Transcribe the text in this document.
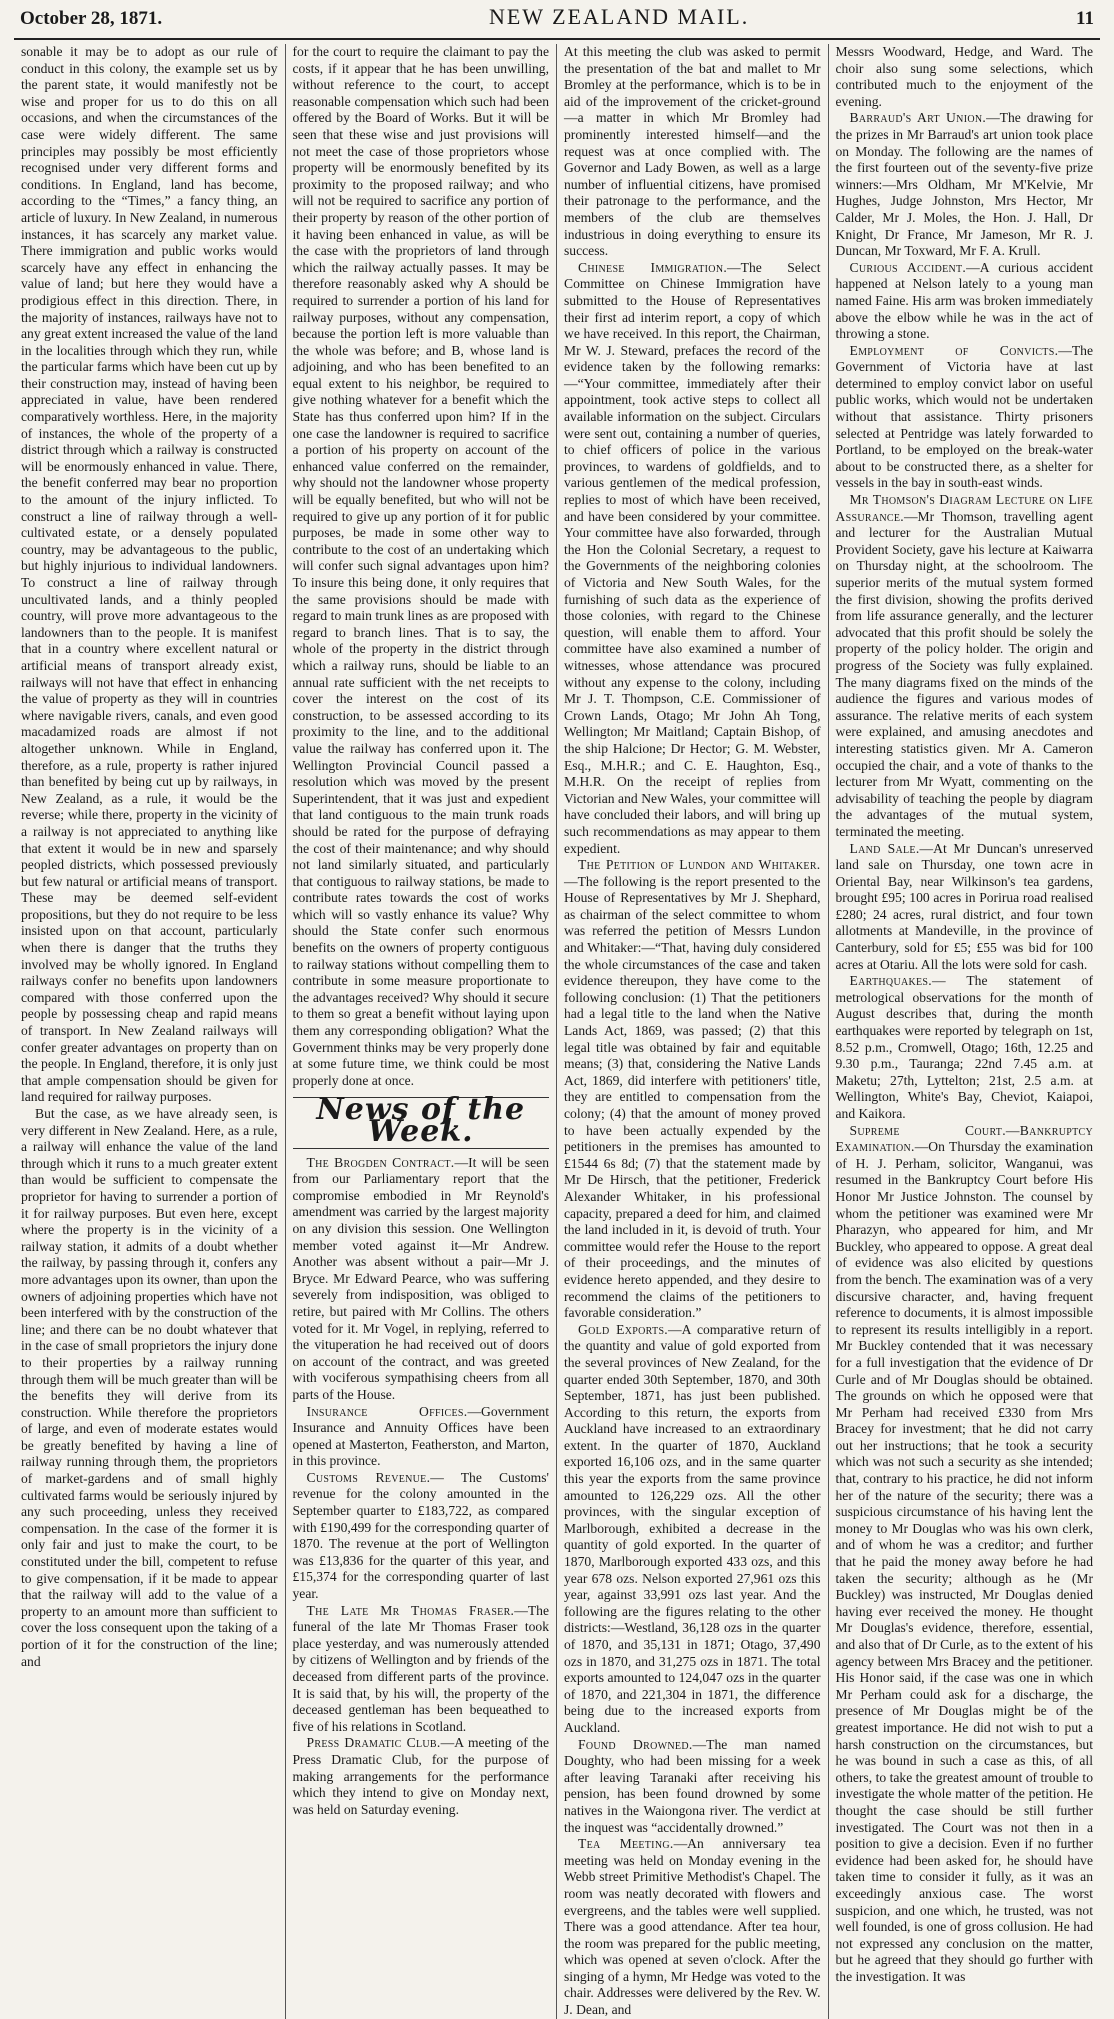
October 28, 1871.	NEW ZEALAND MAIL.	11

sonable it may be to adopt as our rule of conduct in this colony, the example set us by the parent state, it would manifestly not be wise and proper for us to do this on all occasions, and when the circumstances of the case were widely different. The same principles may possibly be most efficiently recognised under very different forms and conditions. In England, land has become, according to the “Times,” a fancy thing, an article of luxury. In New Zealand, in numerous instances, it has scarcely any market value. There immigration and public works would scarcely have any effect in enhancing the value of land; but here they would have a prodigious effect in this direction. There, in the majority of instances, railways have not to any great extent increased the value of the land in the localities through which they run, while the particular farms which have been cut up by their construction may, instead of having been appreciated in value, have been rendered comparatively worthless. Here, in the majority of instances, the whole of the property of a district through which a railway is constructed will be enormously enhanced in value. There, the benefit conferred may bear no proportion to the amount of the injury inflicted. To construct a line of railway through a well-cultivated estate, or a densely populated country, may be advantageous to the public, but highly injurious to individual landowners. To construct a line of railway through uncultivated lands, and a thinly peopled country, will prove more advantageous to the landowners than to the people. It is manifest that in a country where excellent natural or artificial means of transport already exist, railways will not have that effect in enhancing the value of property as they will in countries where navigable rivers, canals, and even good macadamized roads are almost if not altogether unknown. While in England, therefore, as a rule, property is rather injured than benefited by being cut up by railways, in New Zealand, as a rule, it would be the reverse; while there, property in the vicinity of a railway is not appreciated to anything like that extent it would be in new and sparsely peopled districts, which possessed previously but few natural or artificial means of transport. These may be deemed self-evident propositions, but they do not require to be less insisted upon on that account, particularly when there is danger that the truths they involved may be wholly ignored. In England railways confer no benefits upon landowners compared with those conferred upon the people by possessing cheap and rapid means of transport. In New Zealand railways will confer greater advantages on property than on the people. In England, therefore, it is only just that ample compensation should be given for land required for railway purposes.

But the case, as we have already seen, is very different in New Zealand. Here, as a rule, a railway will enhance the value of the land through which it runs to a much greater extent than would be sufficient to compensate the proprietor for having to surrender a portion of it for railway purposes. But even here, except where the property is in the vicinity of a railway station, it admits of a doubt whether the railway, by passing through it, confers any more advantages upon its owner, than upon the owners of adjoining properties which have not been interfered with by the construction of the line; and there can be no doubt whatever that in the case of small proprietors the injury done to their properties by a railway running through them will be much greater than will be the benefits they will derive from its construction. While therefore the proprietors of large, and even of moderate estates would be greatly benefited by having a line of railway running through them, the proprietors of market-gardens and of small highly cultivated farms would be seriously injured by any such proceeding, unless they received compensation. In the case of the former it is only fair and just to make the court, to be constituted under the bill, competent to refuse to give compensation, if it be made to appear that the railway will add to the value of a property to an amount more than sufficient to cover the loss consequent upon the taking of a portion of it for the construction of the line; and

for the court to require the claimant to pay the costs, if it appear that he has been unwilling, without reference to the court, to accept reasonable compensation which such had been offered by the Board of Works. But it will be seen that these wise and just provisions will not meet the case of those proprietors whose property will be enormously benefited by its proximity to the proposed railway; and who will not be required to sacrifice any portion of their property by reason of the other portion of it having been enhanced in value, as will be the case with the proprietors of land through which the railway actually passes. It may be therefore reasonably asked why A should be required to surrender a portion of his land for railway purposes, without any compensation, because the portion left is more valuable than the whole was before; and B, whose land is adjoining, and who has been benefited to an equal extent to his neighbor, be required to give nothing whatever for a benefit which the State has thus conferred upon him? If in the one case the landowner is required to sacrifice a portion of his property on account of the enhanced value conferred on the remainder, why should not the landowner whose property will be equally benefited, but who will not be required to give up any portion of it for public purposes, be made in some other way to contribute to the cost of an undertaking which will confer such signal advantages upon him? To insure this being done, it only requires that the same provisions should be made with regard to main trunk lines as are proposed with regard to branch lines. That is to say, the whole of the property in the district through which a railway runs, should be liable to an annual rate sufficient with the net receipts to cover the interest on the cost of its construction, to be assessed according to its proximity to the line, and to the additional value the railway has conferred upon it. The Wellington Provincial Council passed a resolution which was moved by the present Superintendent, that it was just and expedient that land contiguous to the main trunk roads should be rated for the purpose of defraying the cost of their maintenance; and why should not land similarly situated, and particularly that contiguous to railway stations, be made to contribute rates towards the cost of works which will so vastly enhance its value? Why should the State confer such enormous benefits on the owners of property contiguous to railway stations without compelling them to contribute in some measure proportionate to the advantages received? Why should it secure to them so great a benefit without laying upon them any corresponding obligation? What the Government thinks may be very properly done at some future time, we think could be most properly done at once.

News of the Week.

The Brogden Contract.—It will be seen from our Parliamentary report that the compromise embodied in Mr Reynold's amendment was carried by the largest majority on any division this session. One Wellington member voted against it—Mr Andrew. Another was absent without a pair—Mr J. Bryce. Mr Edward Pearce, who was suffering severely from indisposition, was obliged to retire, but paired with Mr Collins. The others voted for it. Mr Vogel, in replying, referred to the vituperation he had received out of doors on account of the contract, and was greeted with vociferous sympathising cheers from all parts of the House.

Insurance Offices.—Government Insurance and Annuity Offices have been opened at Masterton, Featherston, and Marton, in this province.

Customs Revenue.— The Customs' revenue for the colony amounted in the September quarter to £183,722, as compared with £190,499 for the corresponding quarter of 1870. The revenue at the port of Wellington was £13,836 for the quarter of this year, and £15,374 for the corresponding quarter of last year.

The Late Mr Thomas Fraser.—The funeral of the late Mr Thomas Fraser took place yesterday, and was numerously attended by citizens of Wellington and by friends of the deceased from different parts of the province. It is said that, by his will, the property of the deceased gentleman has been bequeathed to five of his relations in Scotland.

Press Dramatic Club.—A meeting of the Press Dramatic Club, for the purpose of making arrangements for the performance which they intend to give on Monday next, was held on Saturday evening.

At this meeting the club was asked to permit the presentation of the bat and mallet to Mr Bromley at the performance, which is to be in aid of the improvement of the cricket-ground—a matter in which Mr Bromley had prominently interested himself—and the request was at once complied with. The Governor and Lady Bowen, as well as a large number of influential citizens, have promised their patronage to the performance, and the members of the club are themselves industrious in doing everything to ensure its success.

Chinese Immigration.—The Select Committee on Chinese Immigration have submitted to the House of Representatives their first ad interim report, a copy of which we have received. In this report, the Chairman, Mr W. J. Steward, prefaces the record of the evidence taken by the following remarks:—“Your committee, immediately after their appointment, took active steps to collect all available information on the subject. Circulars were sent out, containing a number of queries, to chief officers of police in the various provinces, to wardens of goldfields, and to various gentlemen of the medical profession, replies to most of which have been received, and have been considered by your committee. Your committee have also forwarded, through the Hon the Colonial Secretary, a request to the Governments of the neighboring colonies of Victoria and New South Wales, for the furnishing of such data as the experience of those colonies, with regard to the Chinese question, will enable them to afford. Your committee have also examined a number of witnesses, whose attendance was procured without any expense to the colony, including Mr J. T. Thompson, C.E. Commissioner of Crown Lands, Otago; Mr John Ah Tong, Wellington; Mr Maitland; Captain Bishop, of the ship Halcione; Dr Hector; G. M. Webster, Esq., M.H.R.; and C. E. Haughton, Esq., M.H.R. On the receipt of replies from Victorian and New Wales, your committee will have concluded their labors, and will bring up such recommendations as may appear to them expedient.

The Petition of Lundon and Whitaker.—The following is the report presented to the House of Representatives by Mr J. Shephard, as chairman of the select committee to whom was referred the petition of Messrs Lundon and Whitaker:—“That, having duly considered the whole circumstances of the case and taken evidence thereupon, they have come to the following conclusion: (1) That the petitioners had a legal title to the land when the Native Lands Act, 1869, was passed; (2) that this legal title was obtained by fair and equitable means; (3) that, considering the Native Lands Act, 1869, did interfere with petitioners' title, they are entitled to compensation from the colony; (4) that the amount of money proved to have been actually expended by the petitioners in the premises has amounted to £1544 6s 8d; (7) that the statement made by Mr De Hirsch, that the petitioner, Frederick Alexander Whitaker, in his professional capacity, prepared a deed for him, and claimed the land included in it, is devoid of truth. Your committee would refer the House to the report of their proceedings, and the minutes of evidence hereto appended, and they desire to recommend the claims of the petitioners to favorable consideration.”

Gold Exports.—A comparative return of the quantity and value of gold exported from the several provinces of New Zealand, for the quarter ended 30th September, 1870, and 30th September, 1871, has just been published. According to this return, the exports from Auckland have increased to an extraordinary extent. In the quarter of 1870, Auckland exported 16,106 ozs, and in the same quarter this year the exports from the same province amounted to 126,229 ozs. All the other provinces, with the singular exception of Marlborough, exhibited a decrease in the quantity of gold exported. In the quarter of 1870, Marlborough exported 433 ozs, and this year 678 ozs. Nelson exported 27,961 ozs this year, against 33,991 ozs last year. And the following are the figures relating to the other districts:—Westland, 36,128 ozs in the quarter of 1870, and 35,131 in 1871; Otago, 37,490 ozs in 1870, and 31,275 ozs in 1871. The total exports amounted to 124,047 ozs in the quarter of 1870, and 221,304 in 1871, the difference being due to the increased exports from Auckland.

Found Drowned.—The man named Doughty, who had been missing for a week after leaving Taranaki after receiving his pension, has been found drowned by some natives in the Waiongona river. The verdict at the inquest was “accidentally drowned.”

Tea Meeting.—An anniversary tea meeting was held on Monday evening in the Webb street Primitive Methodist's Chapel. The room was neatly decorated with flowers and evergreens, and the tables were well supplied. There was a good attendance. After tea hour, the room was prepared for the public meeting, which was opened at seven o'clock. After the singing of a hymn, Mr Hedge was voted to the chair. Addresses were delivered by the Rev. W. J. Dean, and

Messrs Woodward, Hedge, and Ward. The choir also sung some selections, which contributed much to the enjoyment of the evening.

Barraud's Art Union.—The drawing for the prizes in Mr Barraud's art union took place on Monday. The following are the names of the first fourteen out of the seventy-five prize winners:—Mrs Oldham, Mr M'Kelvie, Mr Hughes, Judge Johnston, Mrs Hector, Mr Calder, Mr J. Moles, the Hon. J. Hall, Dr Knight, Dr France, Mr Jameson, Mr R. J. Duncan, Mr Toxward, Mr F. A. Krull.

Curious Accident.—A curious accident happened at Nelson lately to a young man named Faine. His arm was broken immediately above the elbow while he was in the act of throwing a stone.

Employment of Convicts.—The Government of Victoria have at last determined to employ convict labor on useful public works, which would not be undertaken without that assistance. Thirty prisoners selected at Pentridge was lately forwarded to Portland, to be employed on the break-water about to be constructed there, as a shelter for vessels in the bay in south-east winds.

Mr Thomson's Diagram Lecture on Life Assurance.—Mr Thomson, travelling agent and lecturer for the Australian Mutual Provident Society, gave his lecture at Kaiwarra on Thursday night, at the schoolroom. The superior merits of the mutual system formed the first division, showing the profits derived from life assurance generally, and the lecturer advocated that this profit should be solely the property of the policy holder. The origin and progress of the Society was fully explained. The many diagrams fixed on the minds of the audience the figures and various modes of assurance. The relative merits of each system were explained, and amusing anecdotes and interesting statistics given. Mr A. Cameron occupied the chair, and a vote of thanks to the lecturer from Mr Wyatt, commenting on the advisability of teaching the people by diagram the advantages of the mutual system, terminated the meeting.

Land Sale.—At Mr Duncan's unreserved land sale on Thursday, one town acre in Oriental Bay, near Wilkinson's tea gardens, brought £95; 100 acres in Porirua road realised £280; 24 acres, rural district, and four town allotments at Mandeville, in the province of Canterbury, sold for £5; £55 was bid for 100 acres at Otariu. All the lots were sold for cash.

Earthquakes.— The statement of metrological observations for the month of August describes that, during the month earthquakes were reported by telegraph on 1st, 8.52 p.m., Cromwell, Otago; 16th, 12.25 and 9.30 p.m., Tauranga; 22nd 7.45 a.m. at Maketu; 27th, Lyttelton; 21st, 2.5 a.m. at Wellington, White's Bay, Cheviot, Kaiapoi, and Kaikora.

Supreme Court.—Bankruptcy Examination.—On Thursday the examination of H. J. Perham, solicitor, Wanganui, was resumed in the Bankruptcy Court before His Honor Mr Justice Johnston. The counsel by whom the petitioner was examined were Mr Pharazyn, who appeared for him, and Mr Buckley, who appeared to oppose. A great deal of evidence was also elicited by questions from the bench. The examination was of a very discursive character, and, having frequent reference to documents, it is almost impossible to represent its results intelligibly in a report. Mr Buckley contended that it was necessary for a full investigation that the evidence of Dr Curle and of Mr Douglas should be obtained. The grounds on which he opposed were that Mr Perham had received £330 from Mrs Bracey for investment; that he did not carry out her instructions; that he took a security which was not such a security as she intended; that, contrary to his practice, he did not inform her of the nature of the security; there was a suspicious circumstance of his having lent the money to Mr Douglas who was his own clerk, and of whom he was a creditor; and further that he paid the money away before he had taken the security; although as he (Mr Buckley) was instructed, Mr Douglas denied having ever received the money. He thought Mr Douglas's evidence, therefore, essential, and also that of Dr Curle, as to the extent of his agency between Mrs Bracey and the petitioner. His Honor said, if the case was one in which Mr Perham could ask for a discharge, the presence of Mr Douglas might be of the greatest importance. He did not wish to put a harsh construction on the circumstances, but he was bound in such a case as this, of all others, to take the greatest amount of trouble to investigate the whole matter of the petition. He thought the case should be still further investigated. The Court was not then in a position to give a decision. Even if no further evidence had been asked for, he should have taken time to consider it fully, as it was an exceedingly anxious case. The worst suspicion, and one which, he trusted, was not well founded, is one of gross collusion. He had not expressed any conclusion on the matter, but he agreed that they should go further with the investigation. It was
